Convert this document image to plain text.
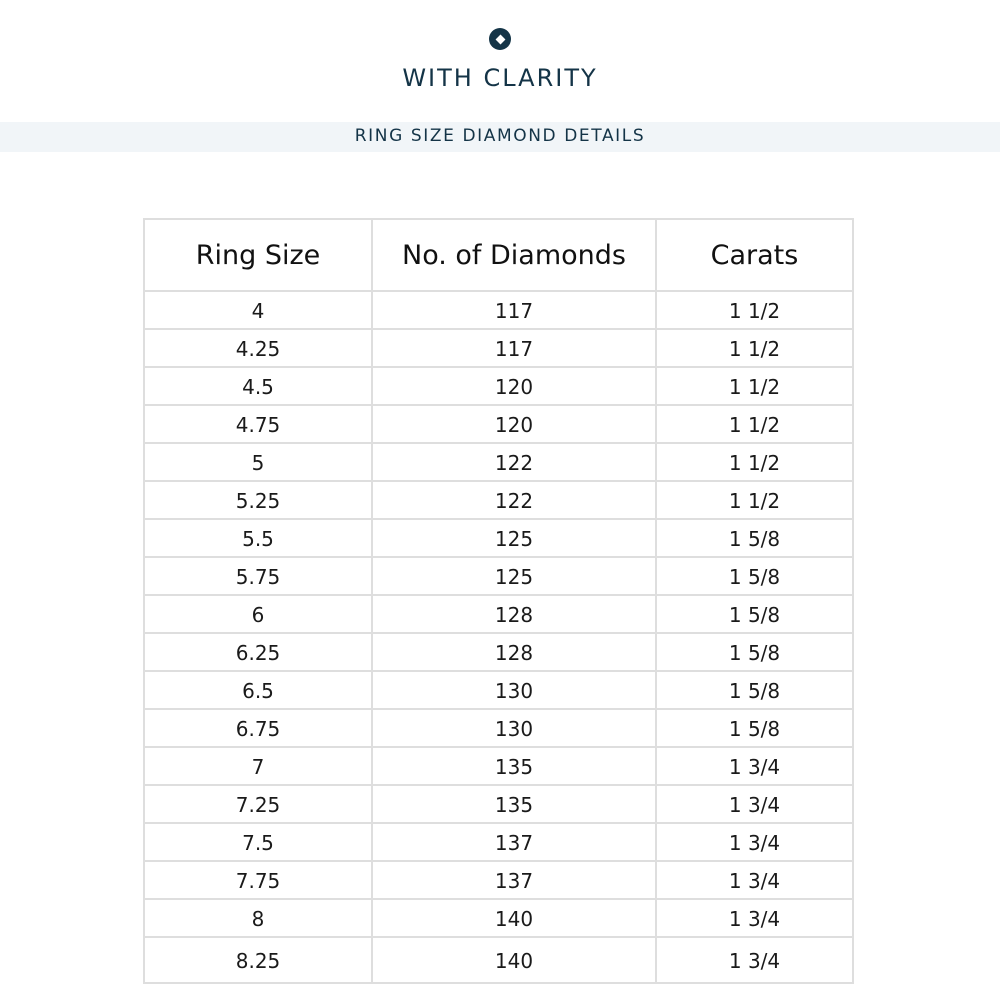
WITH CLARITY
RING SIZE DIAMOND DETAILS
Ring Size	No. of Diamonds	Carats
4	117	1 1/2
4.25	117	1 1/2
4.5	120	1 1/2
4.75	120	1 1/2
5	122	1 1/2
5.25	122	1 1/2
5.5	125	1 5/8
5.75	125	1 5/8
6	128	1 5/8
6.25	128	1 5/8
6.5	130	1 5/8
6.75	130	1 5/8
7	135	1 3/4
7.25	135	1 3/4
7.5	137	1 3/4
7.75	137	1 3/4
8	140	1 3/4
8.25	140	1 3/4
